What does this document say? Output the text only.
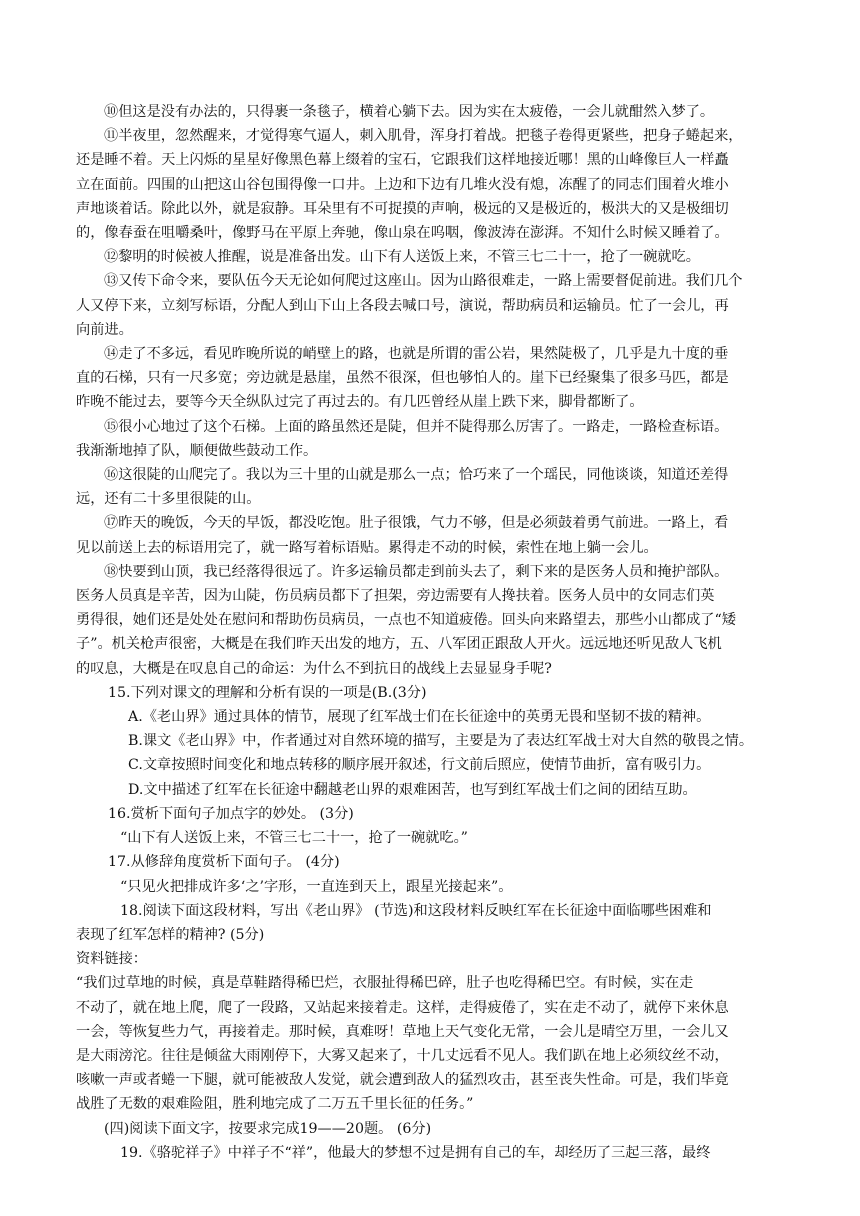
⑩但这是没有办法的，只得裹一条毯子，横着心躺下去。因为实在太疲倦，一会儿就酣然入梦了。
⑪半夜里，忽然醒来，才觉得寒气逼人，刺入肌骨，浑身打着战。把毯子卷得更紧些，把身子蜷起来，
还是睡不着。天上闪烁的星星好像黑色幕上缀着的宝石，它跟我们这样地接近哪！黑的山峰像巨人一样矗
立在面前。四围的山把这山谷包围得像一口井。上边和下边有几堆火没有熄，冻醒了的同志们围着火堆小
声地谈着话。除此以外，就是寂静。耳朵里有不可捉摸的声响，极远的又是极近的，极洪大的又是极细切
的，像春蚕在咀嚼桑叶，像野马在平原上奔驰，像山泉在呜咽，像波涛在澎湃。不知什么时候又睡着了。
⑫黎明的时候被人推醒，说是准备出发。山下有人送饭上来，不管三七二十一，抢了一碗就吃。
⑬又传下命令来，要队伍今天无论如何爬过这座山。因为山路很难走，一路上需要督促前进。我们几个
人又停下来，立刻写标语，分配人到山下山上各段去喊口号，演说，帮助病员和运输员。忙了一会儿，再
向前进。
⑭走了不多远，看见昨晚所说的峭壁上的路，也就是所谓的雷公岩，果然陡极了，几乎是九十度的垂
直的石梯，只有一尺多宽；旁边就是悬崖，虽然不很深，但也够怕人的。崖下已经聚集了很多马匹，都是
昨晚不能过去，要等今天全纵队过完了再过去的。有几匹曾经从崖上跌下来，脚骨都断了。
⑮很小心地过了这个石梯。上面的路虽然还是陡，但并不陡得那么厉害了。一路走，一路检查标语。
我渐渐地掉了队，顺便做些鼓动工作。
⑯这很陡的山爬完了。我以为三十里的山就是那么一点；恰巧来了一个瑶民，同他谈谈，知道还差得
远，还有二十多里很陡的山。
⑰昨天的晚饭，今天的早饭，都没吃饱。肚子很饿，气力不够，但是必须鼓着勇气前进。一路上，看
见以前送上去的标语用完了，就一路写着标语贴。累得走不动的时候，索性在地上躺一会儿。
⑱快要到山顶，我已经落得很远了。许多运输员都走到前头去了，剩下来的是医务人员和掩护部队。
医务人员真是辛苦，因为山陡，伤员病员都下了担架，旁边需要有人搀扶着。医务人员中的女同志们英
勇得很，她们还是处处在慰问和帮助伤员病员，一点也不知道疲倦。回头向来路望去，那些小山都成了“矮
子”。机关枪声很密，大概是在我们昨天出发的地方，五、八军团正跟敌人开火。远远地还听见敌人飞机
的叹息，大概是在叹息自己的命运：为什么不到抗日的战线上去显显身手呢?
15.下列对课文的理解和分析有误的一项是(B.(3分)
A.《老山界》通过具体的情节，展现了红军战士们在长征途中的英勇无畏和坚韧不拔的精神。
B.课文《老山界》中，作者通过对自然环境的描写，主要是为了表达红军战士对大自然的敬畏之情。
C.文章按照时间变化和地点转移的顺序展开叙述，行文前后照应，使情节曲折，富有吸引力。
D.文中描述了红军在长征途中翻越老山界的艰难困苦，也写到红军战士们之间的团结互助。
16.赏析下面句子加点字的妙处。 (3分)
“山下有人送饭上来，不管三七二十一，抢了一碗就吃。”
17.从修辞角度赏析下面句子。 (4分)
“只见火把排成许多‘之’字形，一直连到天上，跟星光接起来”。
18.阅读下面这段材料，写出《老山界》 (节选)和这段材料反映红军在长征途中面临哪些困难和
表现了红军怎样的精神? (5分)
资料链接：
“我们过草地的时候，真是草鞋踏得稀巴烂，衣服扯得稀巴碎，肚子也吃得稀巴空。有时候，实在走
不动了，就在地上爬，爬了一段路，又站起来接着走。这样，走得疲倦了，实在走不动了，就停下来休息
一会，等恢复些力气，再接着走。那时候，真难呀！草地上天气变化无常，一会儿是晴空万里，一会儿又
是大雨滂沱。往往是倾盆大雨刚停下，大雾又起来了，十几丈远看不见人。我们趴在地上必须纹丝不动，
咳嗽一声或者蜷一下腿，就可能被敌人发觉，就会遭到敌人的猛烈攻击，甚至丧失性命。可是，我们毕竟
战胜了无数的艰难险阻，胜利地完成了二万五千里长征的任务。”
(四)阅读下面文字，按要求完成19——20题。 (6分)
19.《骆驼祥子》中祥子不“祥”，他最大的梦想不过是拥有自己的车，却经历了三起三落，最终
